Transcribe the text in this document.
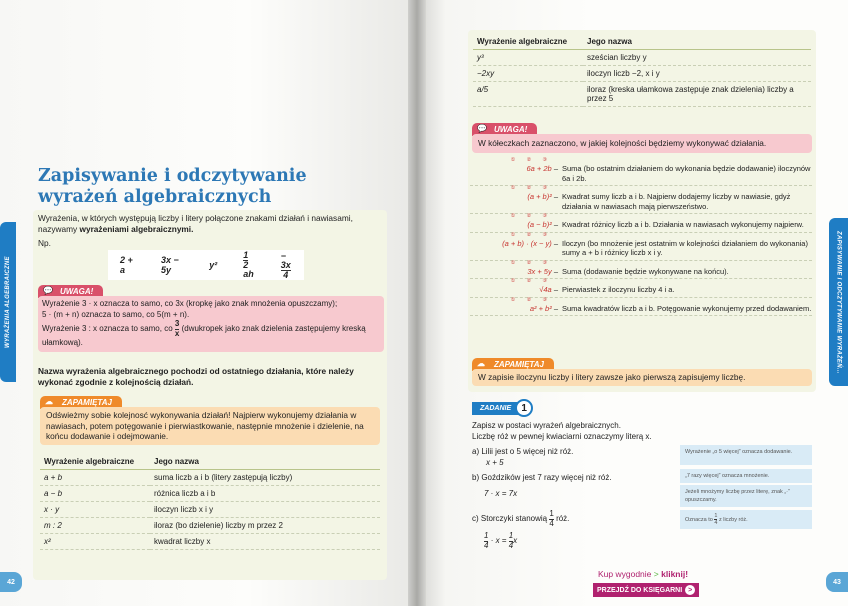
WYRAŻENIA ALGEBRAICZNE
42
Zapisywanie i odczytywanie
wyrażeń algebraicznych
Wyrażenia, w których występują liczby i litery połączone znakami działań i nawiasami, nazywamy wyrażeniami algebraicznymi.
Np.
2 + a
3x − 5y	y²	$\frac{1}{2}$
ah
−
$\frac{3x}{4}$
💬 UWAGA!
Wyrażenie 3 · x oznacza to samo, co 3x (kropkę jako znak mnożenia opuszczamy);
5 · (m + n) oznacza to samo, co 5(m + n).
Wyrażenie 3 : x oznacza to samo, co $\frac{3}{x}$ (dwukropek jako znak dzielenia zastępujemy kreską ułamkową).
Nazwa wyrażenia algebraicznego pochodzi od ostatniego działania, które należy wykonać zgodnie z kolejnością działań.
☁ ZAPAMIĘTAJ
Odświeżmy sobie kolejnosć wykonywania działań! Najpierw wykonujemy działania w nawiasach, potem potęgowanie i pierwiastkowanie, następnie mnożenie i dzielenie, na końcu dodawanie i odejmowanie.
Wyrażenie algebraiczne	Jego nazwa
a + b	suma liczb a i b (litery zastępują liczby)
a − b	różnica liczb a i b
x · y	iloczyn liczb x i y
m : 2	iloraz (bo dzielenie) liczby m przez 2
x²	kwadrat liczby x
ZAPISYWANIE I ODCZYTYWANIE WYRAŻEŃ...
43
Wyrażenie algebraiczne	Jego nazwa
y³	sześcian liczby y
−2xy	iloczyn liczb −2, x i y
a/5	iloraz (kreska ułamkowa zastępuje znak dzielenia) liczby a przez 5
💬 UWAGA!
W kółeczkach zaznaczono, w jakiej kolejności będziemy wykonywać działania.
① ② ③
6a + 2b – Suma (bo ostatnim działaniem do wykonania będzie dodawanie) iloczynów 6a i 2b.
① ② ③
(a + b)² – Kwadrat sumy liczb a i b. Najpierw dodajemy liczby w nawiasie, gdyż działania w nawiasach mają pierwszeństwo.
① ② ③
(a − b)² – Kwadrat różnicy liczb a i b. Działania w nawiasach wykonujemy najpierw.
① ② ③
(a + b) · (x − y) – Iloczyn (bo mnożenie jest ostatnim w kolejności działaniem do wykonania) sumy a + b i różnicy liczb x i y.
① ② ③
3x + 5y – Suma (dodawanie będzie wykonywane na końcu).
① ② ③
√4a – Pierwiastek z iloczynu liczby 4 i a.
① ② ③
a² + b² – Suma kwadratów liczb a i b. Potęgowanie wykonujemy przed dodawaniem.
☁ ZAPAMIĘTAJ
W zapisie iloczynu liczby i litery zawsze jako pierwszą zapisujemy liczbę.
ZADANIE	1
Zapisz w postaci wyrażeń algebraicznych.
Liczbę róż w pewnej kwiaciarni oznaczymy literą x.
a) Lilii jest o 5 więcej niż róż.
x + 5
b) Goździków jest 7 razy więcej niż róż.
7 · x = 7x
c) Storczyki stanowią $\frac{1}{4}$ róż.
$\frac{1}{4} \cdot x = \frac{1}{4}$ x
Wyrażenie „o 5 więcej” oznacza dodawanie.
„7 razy więcej” oznacza mnożenie.
Jeżeli mnożymy liczbę przez literę, znak „·” opuszczamy.
Oznacza to $\frac{1}{4}$ z liczby róż.
Kup wygodnie > kliknij!
PRZEJDŹ DO KSIĘGARNI >
